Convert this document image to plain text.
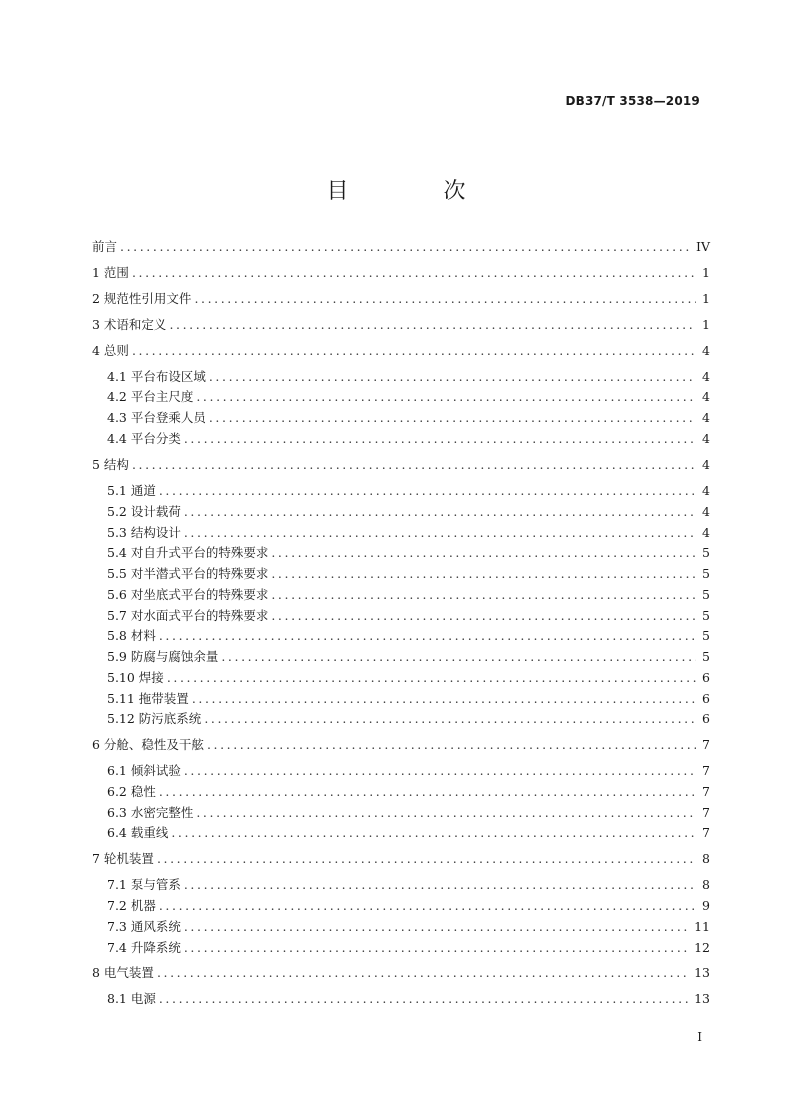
DB37/T 3538—2019
目 次
前言 .....	IV
1 范围 .....	1
2 规范性引用文件 .....	1
3 术语和定义 .....	1
4 总则 .....	4
4.1 平台布设区域 .....	4
4.2 平台主尺度 .....	4
4.3 平台登乘人员 .....	4
4.4 平台分类 .....	4
5 结构 .....	4
5.1 通道 .....	4
5.2 设计载荷 .....	4
5.3 结构设计 .....	4
5.4 对自升式平台的特殊要求 .....	5
5.5 对半潜式平台的特殊要求 .....	5
5.6 对坐底式平台的特殊要求 .....	5
5.7 对水面式平台的特殊要求 .....	5
5.8 材料 .....	5
5.9 防腐与腐蚀余量 .....	5
5.10 焊接 .....	6
5.11 拖带装置 .....	6
5.12 防污底系统 .....	6
6 分舱、稳性及干舷 .....	7
6.1 倾斜试验 .....	7
6.2 稳性 .....	7
6.3 水密完整性 .....	7
6.4 载重线 .....	7
7 轮机装置 .....	8
7.1 泵与管系 .....	8
7.2 机器 .....	9
7.3 通风系统 .....	11
7.4 升降系统 .....	12
8 电气装置 .....	13
8.1 电源 .....	13
I
